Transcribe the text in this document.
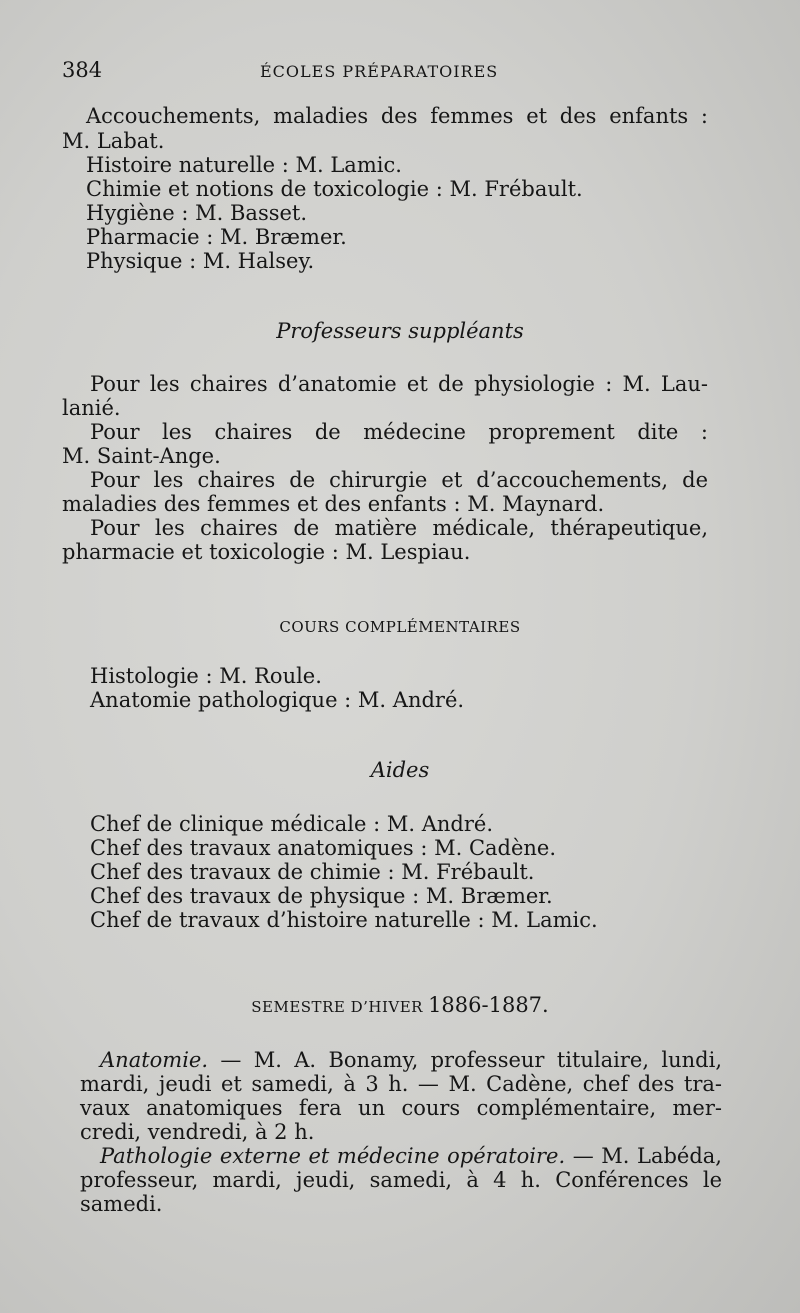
384	ÉCOLES PRÉPARATOIRES
Accouchements, maladies des femmes et des enfants :
M. Labat.
Histoire naturelle : M. Lamic.
Chimie et notions de toxicologie : M. Frébault.
Hygiène : M. Basset.
Pharmacie : M. Bræmer.
Physique : M. Halsey.
Professeurs suppléants
Pour les chaires d’anatomie et de physiologie : M. Lau-
lanié.
Pour les chaires de médecine proprement dite :
M. Saint-Ange.
Pour les chaires de chirurgie et d’accouchements, de
maladies des femmes et des enfants : M. Maynard.
Pour les chaires de matière médicale, thérapeutique,
pharmacie et toxicologie : M. Lespiau.
COURS COMPLÉMENTAIRES
Histologie : M. Roule.
Anatomie pathologique : M. André.
Aides
Chef de clinique médicale : M. André.
Chef des travaux anatomiques : M. Cadène.
Chef des travaux de chimie : M. Frébault.
Chef des travaux de physique : M. Bræmer.
Chef de travaux d’histoire naturelle : M. Lamic.
SEMESTRE D’HIVER 1886-1887.
Anatomie. — M. A. Bonamy, professeur titulaire, lundi,
mardi, jeudi et samedi, à 3 h. — M. Cadène, chef des tra-
vaux anatomiques fera un cours complémentaire, mer-
credi, vendredi, à 2 h.
Pathologie externe et médecine opératoire. — M. Labéda,
professeur, mardi, jeudi, samedi, à 4 h. Conférences le
samedi.
